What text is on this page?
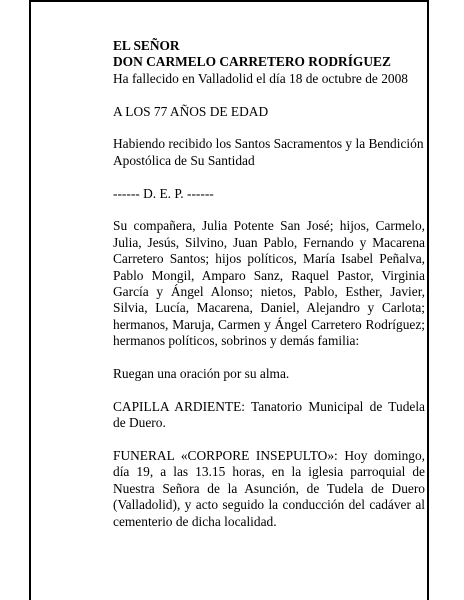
EL SEÑOR

DON CARMELO CARRETERO RODRÍGUEZ

Ha fallecido en Valladolid el día 18 de octubre de 2008

A LOS 77 AÑOS DE EDAD

Habiendo recibido los Santos Sacramentos y la Bendición Apostólica de Su Santidad

------ D. E. P. ------

Su compañera, Julia Potente San José; hijos, Carmelo, Julia, Jesús, Silvino, Juan Pablo, Fernando y Macarena Carretero Santos; hijos políticos, María Isabel Peñalva, Pablo Mongil, Amparo Sanz, Raquel Pastor, Virginia García y Ángel Alonso; nietos, Pablo, Esther, Javier, Silvia, Lucía, Macarena, Daniel, Alejandro y Carlota; hermanos, Maruja, Carmen y Ángel Carretero Rodríguez; hermanos políticos, sobrinos y demás familia:

Ruegan una oración por su alma.

CAPILLA ARDIENTE: Tanatorio Municipal de Tudela de Duero.

FUNERAL «CORPORE INSEPULTO»: Hoy domingo, día 19, a las 13.15 horas, en la iglesia parroquial de Nuestra Señora de la Asunción, de Tudela de Duero (Valladolid), y acto seguido la conducción del cadáver al cementerio de dicha localidad.
